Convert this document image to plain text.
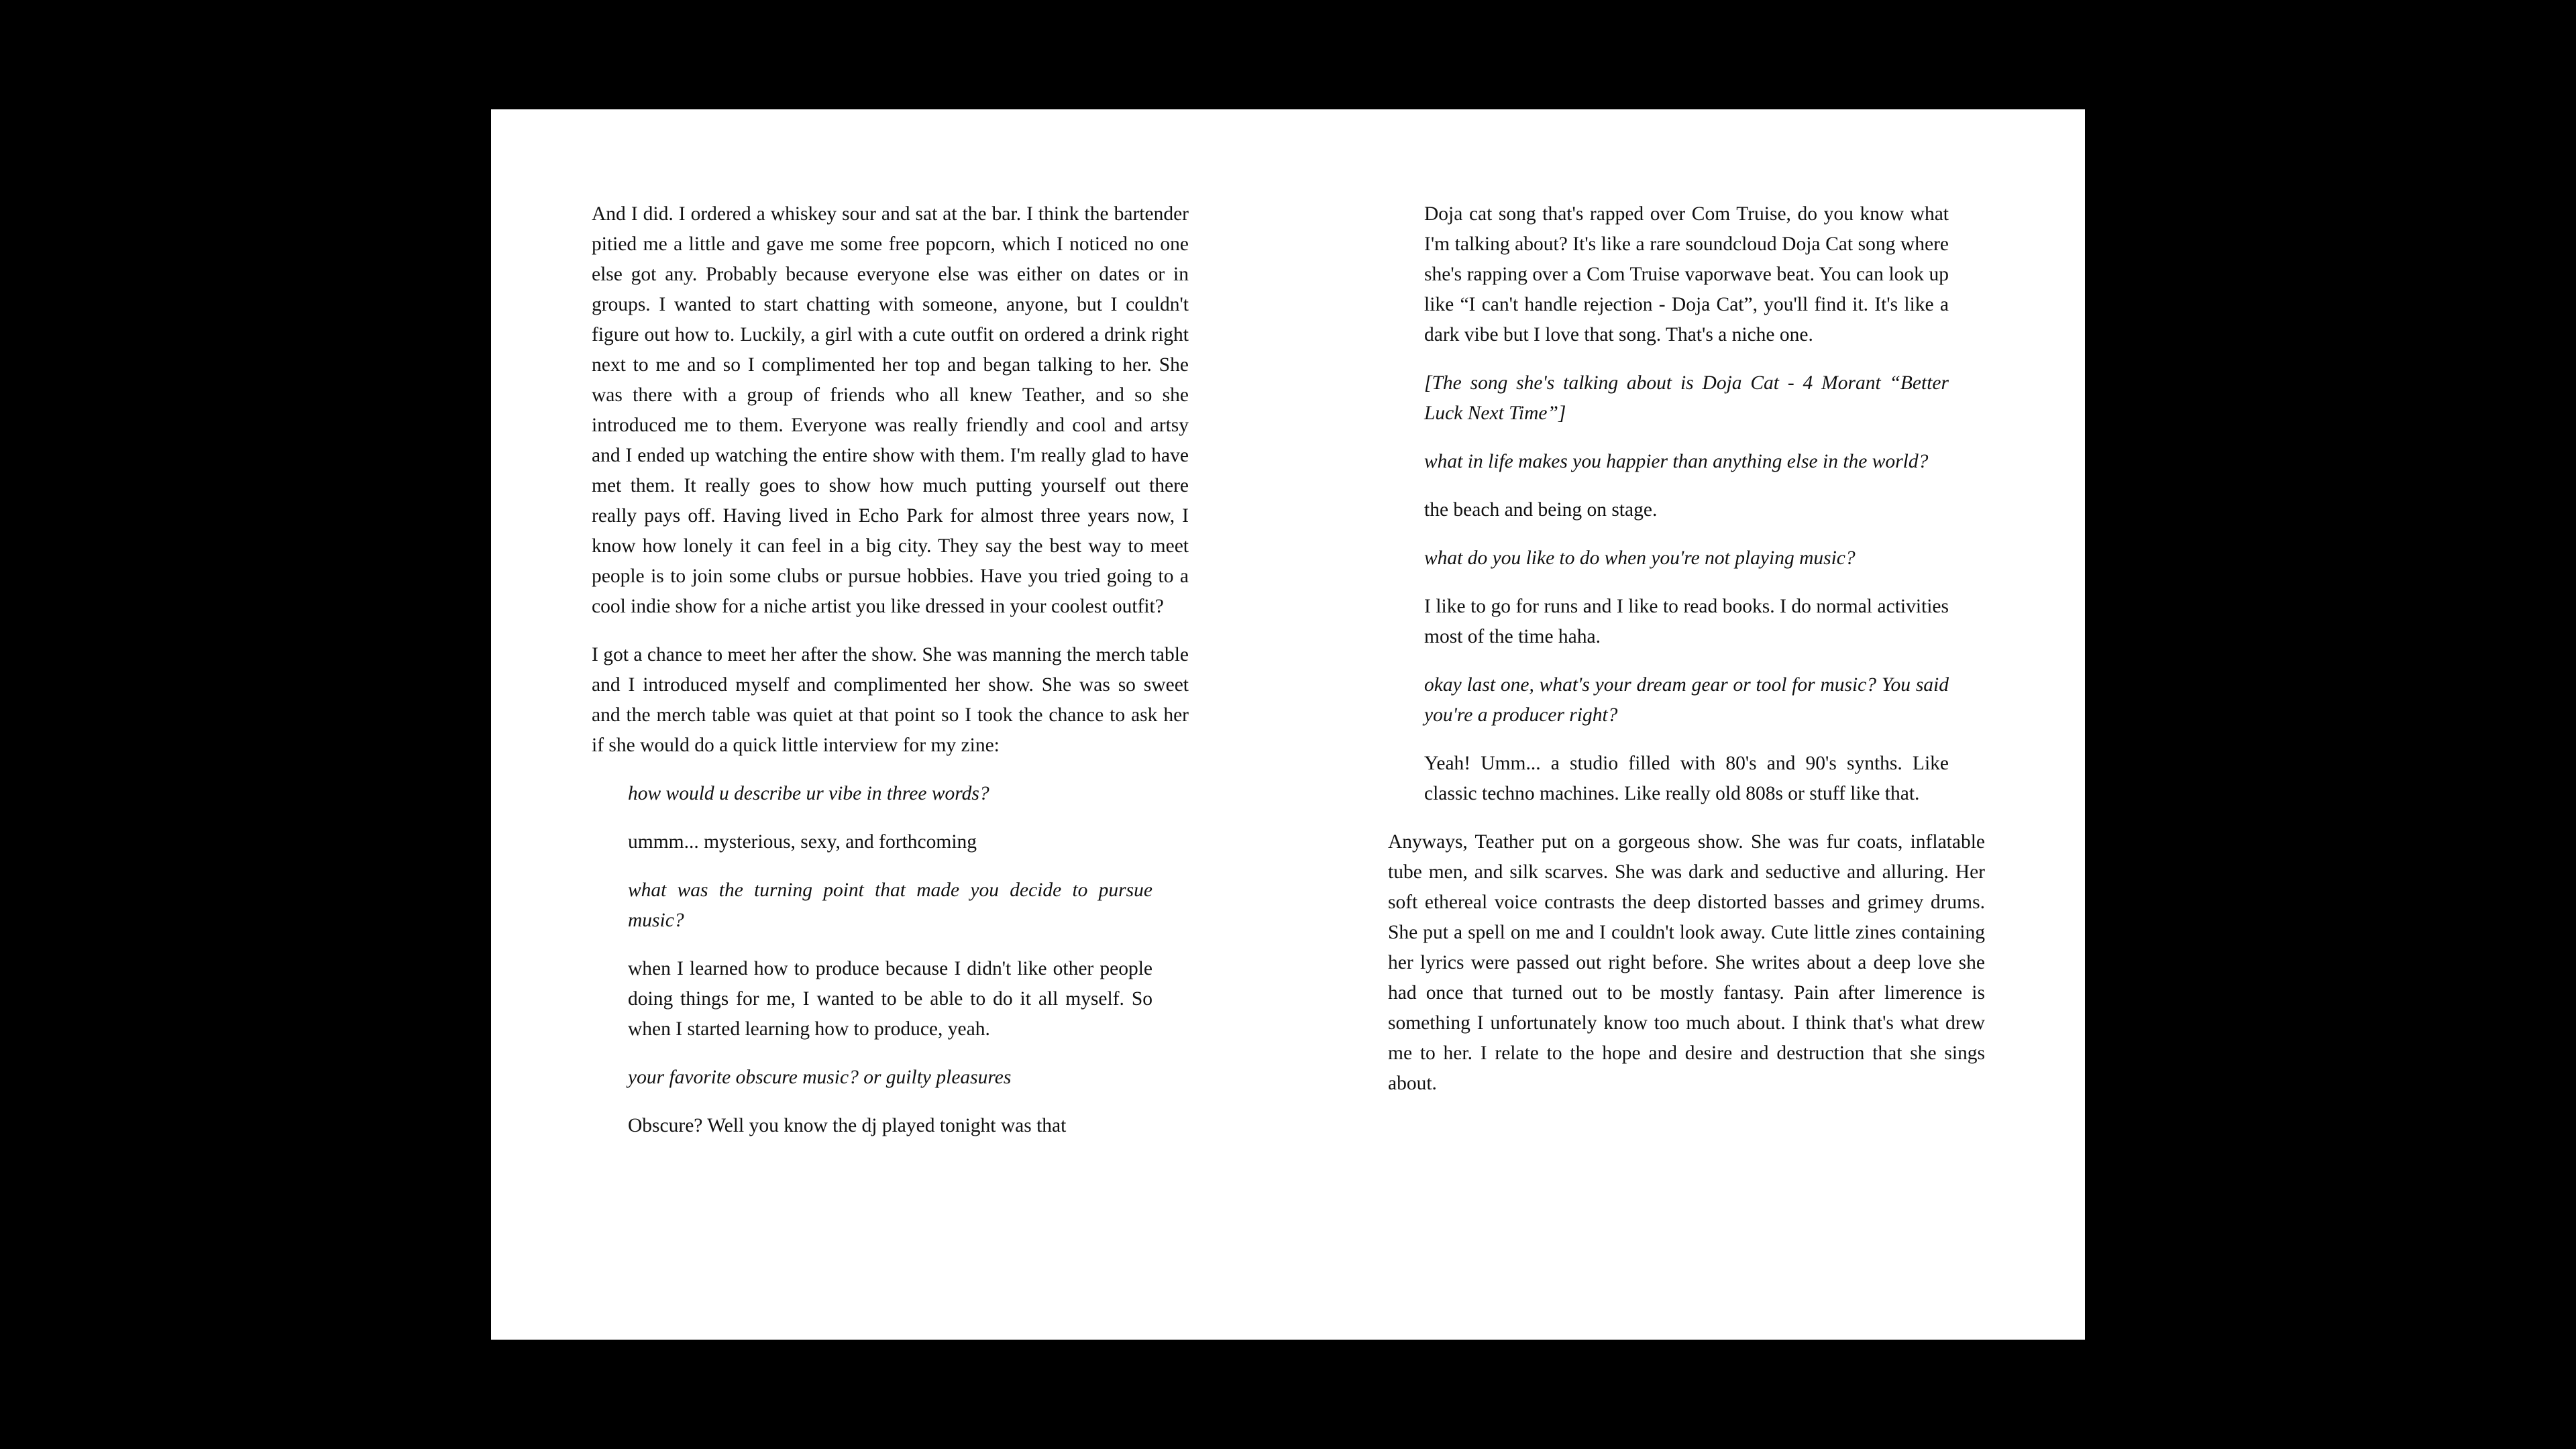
And I did. I ordered a whiskey sour and sat at the bar. I think the bartender pitied me a little and gave me some free popcorn, which I noticed no one else got any. Probably because everyone else was either on dates or in groups. I wanted to start chatting with someone, anyone, but I couldn't figure out how to. Luckily, a girl with a cute outfit on ordered a drink right next to me and so I complimented her top and began talking to her. She was there with a group of friends who all knew Teather, and so she introduced me to them. Everyone was really friendly and cool and artsy and I ended up watching the entire show with them. I'm really glad to have met them. It really goes to show how much putting yourself out there really pays off. Having lived in Echo Park for almost three years now, I know how lonely it can feel in a big city. They say the best way to meet people is to join some clubs or pursue hobbies. Have you tried going to a cool indie show for a niche artist you like dressed in your coolest outfit?

I got a chance to meet her after the show. She was manning the merch table and I introduced myself and complimented her show. She was so sweet and the merch table was quiet at that point so I took the chance to ask her if she would do a quick little interview for my zine:

how would u describe ur vibe in three words?

ummm... mysterious, sexy, and forthcoming

what was the turning point that made you decide to pursue music?

when I learned how to produce because I didn't like other people doing things for me, I wanted to be able to do it all myself. So when I started learning how to produce, yeah.

your favorite obscure music? or guilty pleasures

Obscure? Well you know the dj played tonight was that

Doja cat song that's rapped over Com Truise, do you know what I'm talking about? It's like a rare soundcloud Doja Cat song where she's rapping over a Com Truise vaporwave beat. You can look up like “I can't handle rejection - Doja Cat”, you'll find it. It's like a dark vibe but I love that song. That's a niche one.

[The song she's talking about is Doja Cat - 4 Morant “Better Luck Next Time”]

what in life makes you happier than anything else in the world?

the beach and being on stage.

what do you like to do when you're not playing music?

I like to go for runs and I like to read books. I do normal activities most of the time haha.

okay last one, what's your dream gear or tool for music? You said you're a producer right?

Yeah! Umm... a studio filled with 80's and 90's synths. Like classic techno machines. Like really old 808s or stuff like that.

Anyways, Teather put on a gorgeous show. She was fur coats, inflatable tube men, and silk scarves. She was dark and seductive and alluring. Her soft ethereal voice contrasts the deep distorted basses and grimey drums. She put a spell on me and I couldn't look away. Cute little zines containing her lyrics were passed out right before. She writes about a deep love she had once that turned out to be mostly fantasy. Pain after limerence is something I unfortunately know too much about. I think that's what drew me to her. I relate to the hope and desire and destruction that she sings about.
